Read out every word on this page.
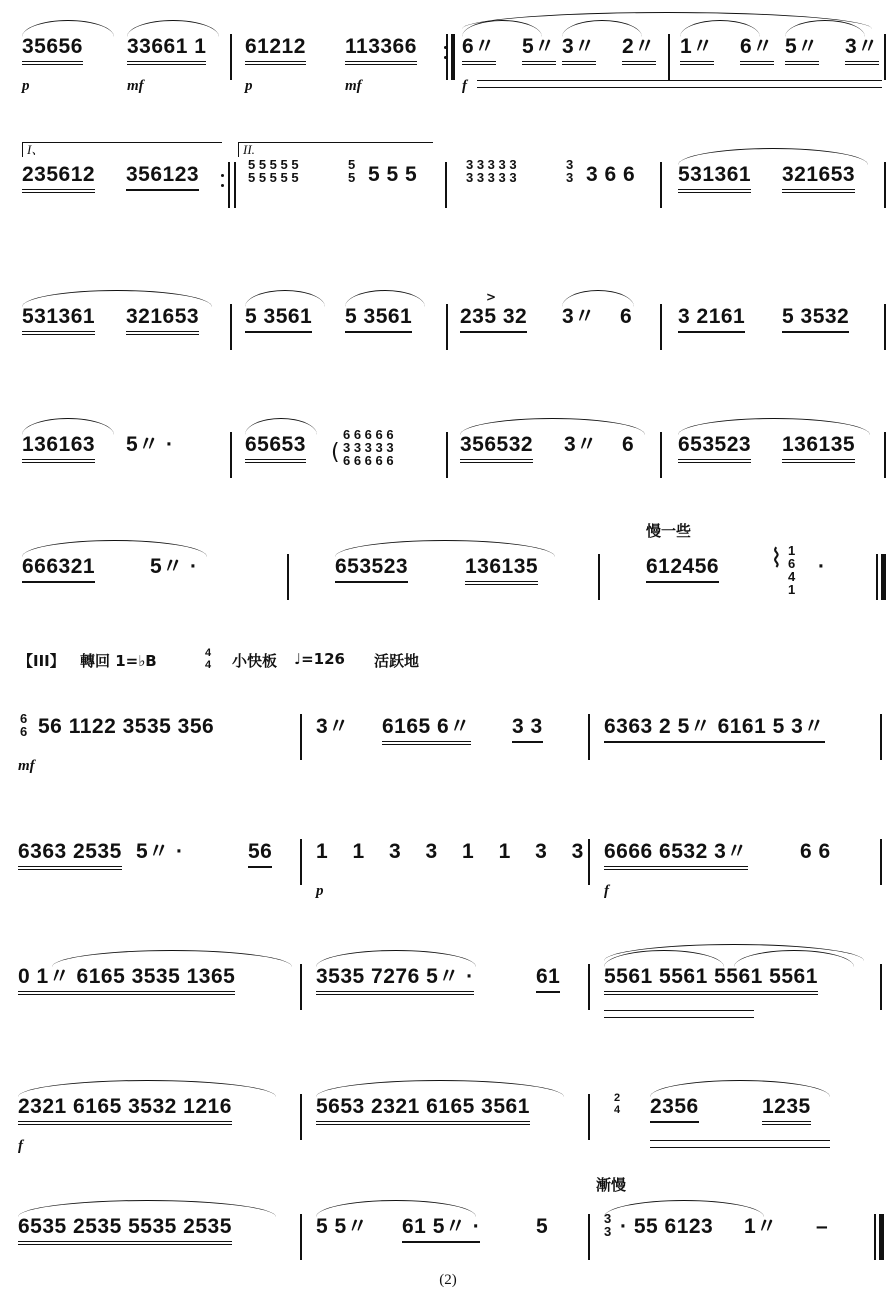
35656 33661 1
p	mf
61212 113366
p	mf
6〃 5〃 3〃 2〃
f
1〃 6〃 5〃 3〃
I、
235612 356123
II.
5 5 5 5 5
5 5 5 5 5
5
5 5 5 5	3 3 3 3 3
3 3 3 3 3
3
3 3 6 6 531361 321653
531361 321653 5 3561 5 3561
>
235 32 3〃 6 3 2161 5 3532
136163 5〃 ·	65653 (
6 6 6 6 6
3 3 3 3 3
6 6 6 6 6
356532 3〃 6 653523 136135
666321	5〃 ·	653523	136135
慢一些
612456 ⌇ 1
6
4
1
·
【III】 轉回 1=♭B	4
4 小快板 ♩=126 活跃地
6
6 56 1122 3535 356
mf
3〃 6165 6〃 3 3	6363 2 5〃 6161 5 3〃
6363 2535 5〃 ·	56 1 1 3 3 1 1 3 3
p
6666 6532 3〃 6 6
f
0 1〃 6165 3535 1365	3535 7276 5〃 ·	61 5561 5561 5561 5561
2321 6165 3532 1216
f
5653 2321 6165 3561	2
4 2356	1235
6535 2535 5535 2535	5 5〃 61 5〃 ·	5
漸慢
3
3 · 55 6123 1〃 –
(2)
